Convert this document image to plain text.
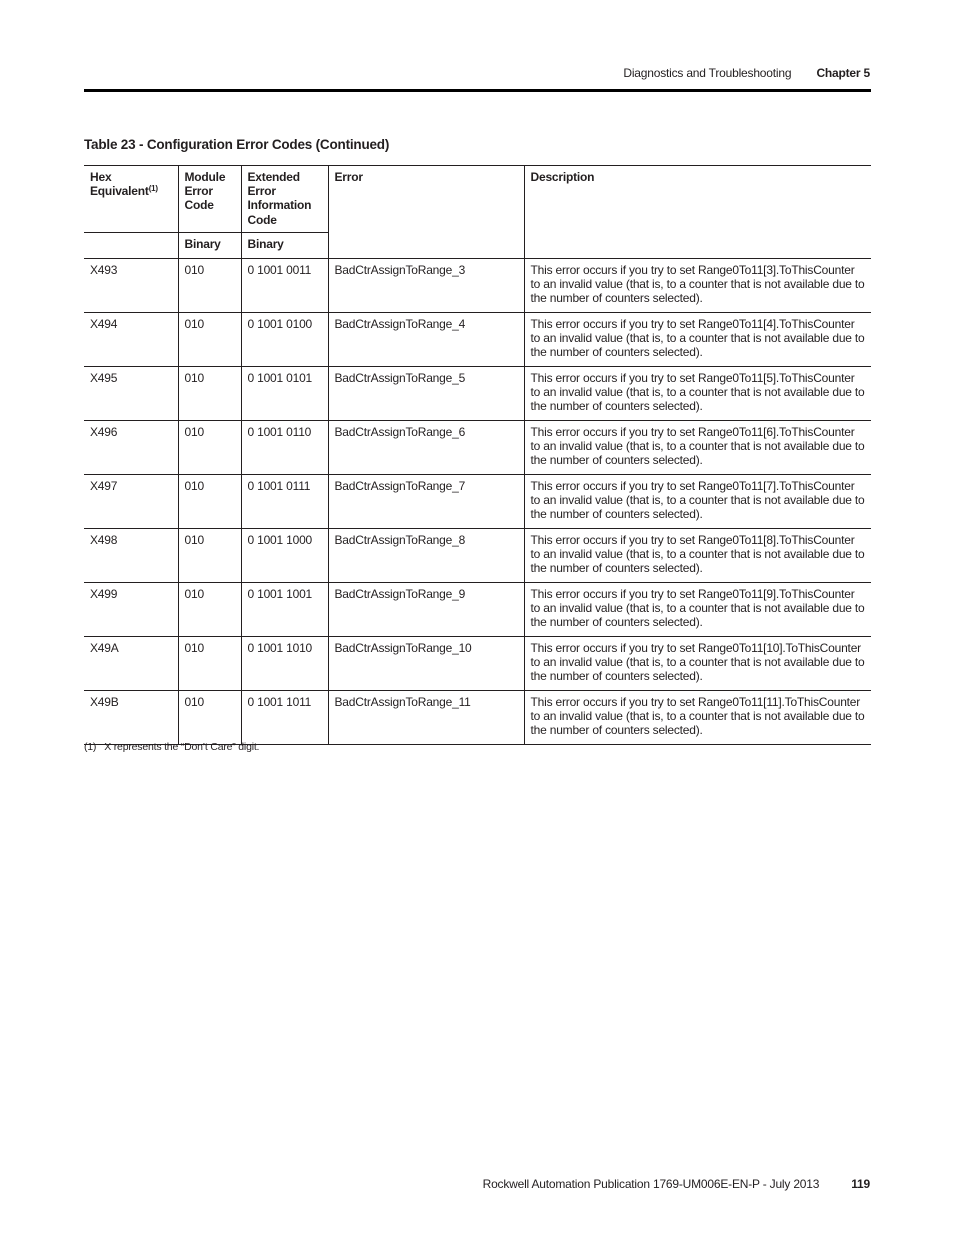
Diagnostics and Troubleshooting Chapter 5
Table 23 - Configuration Error Codes (Continued)
Hex Equivalent$^{(1)}$	Module Error Code	Extended Error Information Code	Error	Description
	Binary	Binary		
X493	010	0 1001 0011	BadCtrAssignToRange_3	This error occurs if you try to set Range0To11[3].ToThisCounter to an invalid value (that is, to a counter that is not available due to the number of counters selected).
X494	010	0 1001 0100	BadCtrAssignToRange_4	This error occurs if you try to set Range0To11[4].ToThisCounter to an invalid value (that is, to a counter that is not available due to the number of counters selected).
X495	010	0 1001 0101	BadCtrAssignToRange_5	This error occurs if you try to set Range0To11[5].ToThisCounter to an invalid value (that is, to a counter that is not available due to the number of counters selected).
X496	010	0 1001 0110	BadCtrAssignToRange_6	This error occurs if you try to set Range0To11[6].ToThisCounter to an invalid value (that is, to a counter that is not available due to the number of counters selected).
X497	010	0 1001 0111	BadCtrAssignToRange_7	This error occurs if you try to set Range0To11[7].ToThisCounter to an invalid value (that is, to a counter that is not available due to the number of counters selected).
X498	010	0 1001 1000	BadCtrAssignToRange_8	This error occurs if you try to set Range0To11[8].ToThisCounter to an invalid value (that is, to a counter that is not available due to the number of counters selected).
X499	010	0 1001 1001	BadCtrAssignToRange_9	This error occurs if you try to set Range0To11[9].ToThisCounter to an invalid value (that is, to a counter that is not available due to the number of counters selected).
X49A	010	0 1001 1010	BadCtrAssignToRange_10	This error occurs if you try to set Range0To11[10].ToThisCounter to an invalid value (that is, to a counter that is not available due to the number of counters selected).
X49B	010	0 1001 1011	BadCtrAssignToRange_11	This error occurs if you try to set Range0To11[11].ToThisCounter to an invalid value (that is, to a counter that is not available due to the number of counters selected).
(1) X represents the “Don’t Care” digit.
Rockwell Automation Publication 1769-UM006E-EN-P - July 2013	119
